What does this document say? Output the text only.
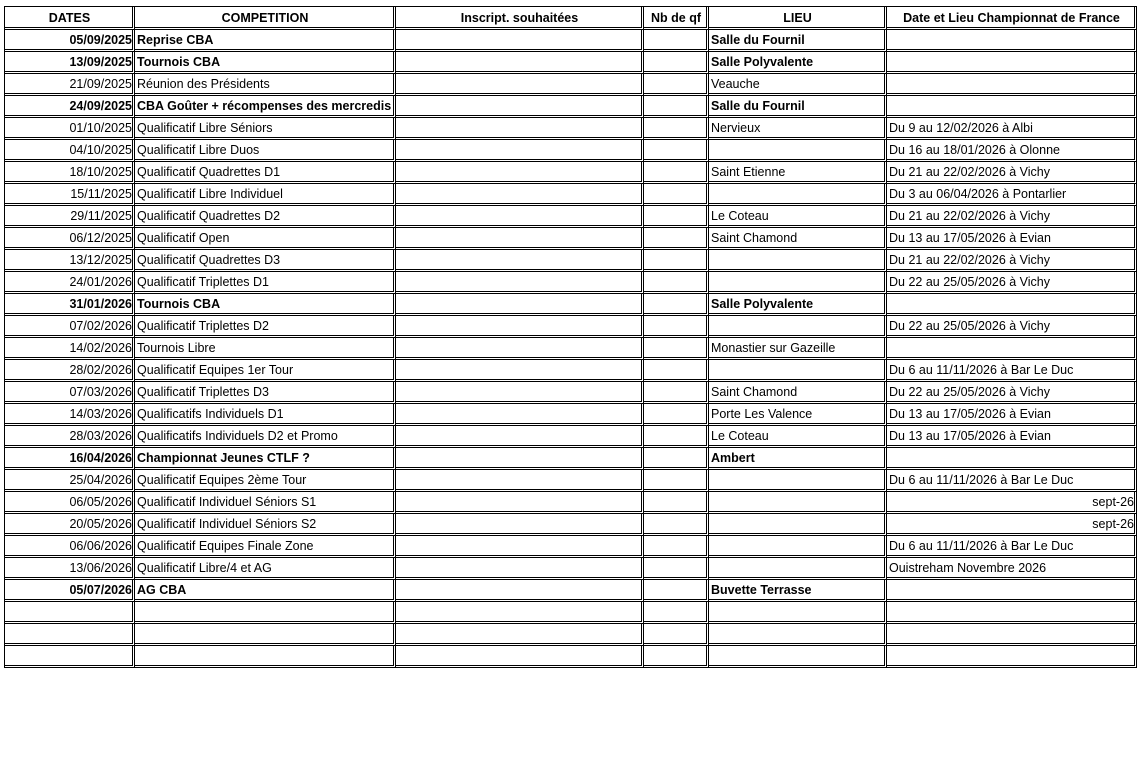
DATES	COMPETITION	Inscript. souhaitées	Nb de qf	LIEU	Date et Lieu Championnat de France
05/09/2025	Reprise CBA			Salle du Fournil	
13/09/2025	Tournois CBA			Salle Polyvalente	
21/09/2025	Réunion des Présidents			Veauche	
24/09/2025	CBA Goûter + récompenses des mercredis			Salle du Fournil	
01/10/2025	Qualificatif Libre Séniors			Nervieux	Du 9 au 12/02/2026 à Albi
04/10/2025	Qualificatif Libre Duos				Du 16 au 18/01/2026 à Olonne
18/10/2025	Qualificatif Quadrettes D1			Saint Etienne	Du 21 au 22/02/2026 à Vichy
15/11/2025	Qualificatif Libre Individuel				Du 3 au 06/04/2026 à Pontarlier
29/11/2025	Qualificatif Quadrettes D2			Le Coteau	Du 21 au 22/02/2026 à Vichy
06/12/2025	Qualificatif Open			Saint Chamond	Du 13 au 17/05/2026 à Evian
13/12/2025	Qualificatif Quadrettes D3				Du 21 au 22/02/2026 à Vichy
24/01/2026	Qualificatif Triplettes D1				Du 22 au 25/05/2026 à Vichy
31/01/2026	Tournois CBA			Salle Polyvalente	
07/02/2026	Qualificatif Triplettes D2				Du 22 au 25/05/2026 à Vichy
14/02/2026	Tournois Libre			Monastier sur Gazeille	
28/02/2026	Qualificatif Equipes 1er Tour				Du 6 au 11/11/2026 à Bar Le Duc
07/03/2026	Qualificatif Triplettes D3			Saint Chamond	Du 22 au 25/05/2026 à Vichy
14/03/2026	Qualificatifs Individuels D1			Porte Les Valence	Du 13 au 17/05/2026 à Evian
28/03/2026	Qualificatifs Individuels D2 et Promo			Le Coteau	Du 13 au 17/05/2026 à Evian
16/04/2026	Championnat Jeunes CTLF ?			Ambert	
25/04/2026	Qualificatif Equipes 2ème Tour				Du 6 au 11/11/2026 à Bar Le Duc
06/05/2026	Qualificatif Individuel Séniors S1				sept-26
20/05/2026	Qualificatif Individuel Séniors S2				sept-26
06/06/2026	Qualificatif Equipes Finale Zone				Du 6 au 11/11/2026 à Bar Le Duc
13/06/2026	Qualificatif Libre/4 et AG				Ouistreham Novembre 2026
05/07/2026	AG CBA			Buvette Terrasse	
